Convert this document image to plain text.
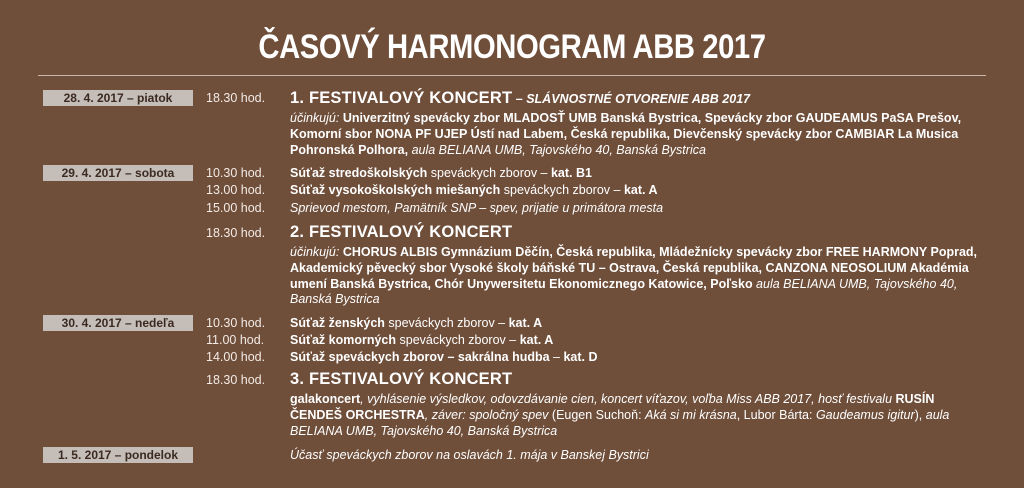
ČASOVÝ HARMONOGRAM ABB 2017
28. 4. 2017 – piatok	18.30 hod. 1. FESTIVALOVÝ KONCERT – SLÁVNOSTNÉ OTVORENIE ABB 2017
účinkujú: Univerzitný spevácky zbor MLADOSŤ UMB Banská Bystrica, Spevácky zbor GAUDEAMUS PaSA Prešov, Komorní sbor NONA PF UJEP Ústí nad Labem, Česká republika, Dievčenský spevácky zbor CAMBIAR La Musica Pohronská Polhora, aula BELIANA UMB, Tajovského 40, Banská Bystrica
29. 4. 2017 – sobota	10.30 hod. Súťaž stredoškolských speváckych zborov – kat. B1
13.00 hod. Súťaž vysokoškolských miešaných speváckych zborov – kat. A
15.00 hod. Sprievod mestom, Pamätník SNP – spev, prijatie u primátora mesta
18.30 hod. 2. FESTIVALOVÝ KONCERT
účinkujú: CHORUS ALBIS Gymnázium Děčín, Česká republika, Mládežnícky spevácky zbor FREE HARMONY Poprad, Akademický pěvecký sbor Vysoké školy báňské TU – Ostrava, Česká republika, CANZONA NEOSOLIUM Akadémia umení Banská Bystrica, Chór Unywersitetu Ekonomicznego Katowice, Poľsko aula BELIANA UMB, Tajovského 40, Banská Bystrica
30. 4. 2017 – nedeľa	10.30 hod. Súťaž ženských speváckych zborov – kat. A
11.00 hod. Súťaž komorných speváckych zborov – kat. A
14.00 hod. Súťaž speváckych zborov – sakrálna hudba – kat. D
18.30 hod. 3. FESTIVALOVÝ KONCERT
galakoncert, vyhlásenie výsledkov, odovzdávanie cien, koncert víťazov, voľba Miss ABB 2017, hosť festivalu RUSÍN ČENDEŠ ORCHESTRA, záver: spoločný spev (Eugen Suchoň: Aká si mi krásna, Lubor Bárta: Gaudeamus igitur), aula BELIANA UMB, Tajovského 40, Banská Bystrica
1. 5. 2017 – pondelok	Účasť speváckych zborov na oslavách 1. mája v Banskej Bystrici
